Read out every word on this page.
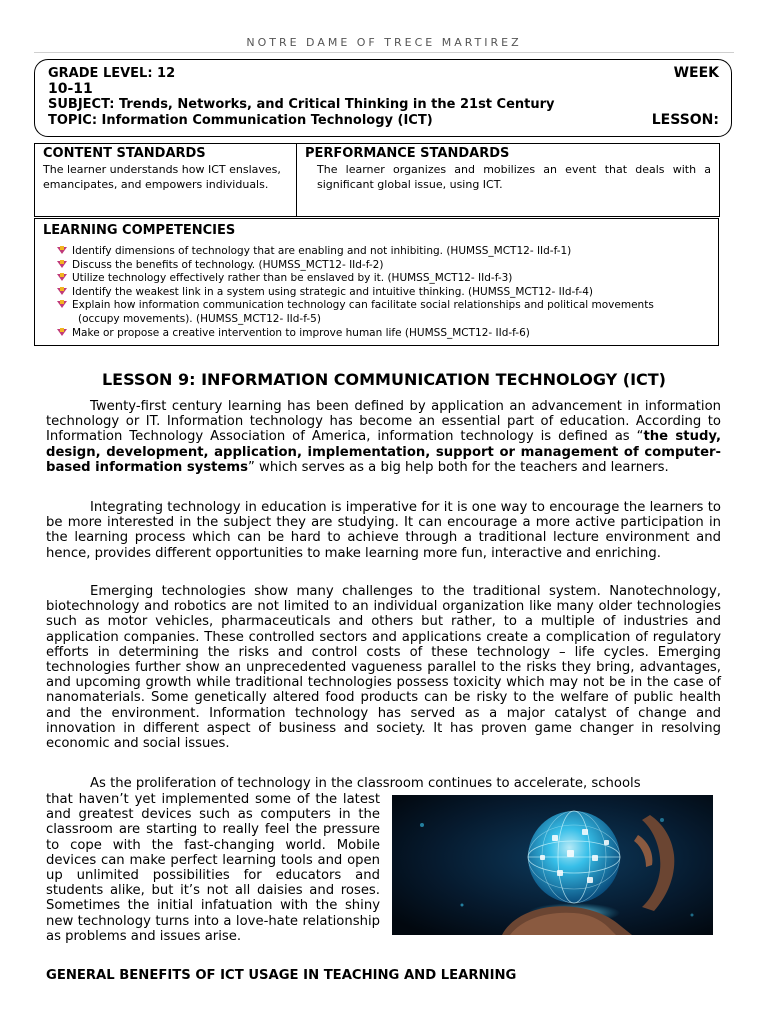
NOTRE DAME OF TRECE MARTIREZ
GRADE LEVEL: 12	WEEK
10-11
SUBJECT: Trends, Networks, and Critical Thinking in the 21st Century
TOPIC: Information Communication Technology (ICT)	LESSON:
CONTENT STANDARDS
The learner understands how ICT enslaves, emancipates, and empowers individuals.
PERFORMANCE STANDARDS
The learner organizes and mobilizes an event that deals with a significant global issue, using ICT.
LEARNING COMPETENCIES
Identify dimensions of technology that are enabling and not inhibiting. (HUMSS_MCT12- IId-f-1)
Discuss the benefits of technology. (HUMSS_MCT12- IId-f-2)
Utilize technology effectively rather than be enslaved by it. (HUMSS_MCT12- IId-f-3)
Identify the weakest link in a system using strategic and intuitive thinking. (HUMSS_MCT12- IId-f-4)
Explain how information communication technology can facilitate social relationships and political movements
(occupy movements). (HUMSS_MCT12- IId-f-5)
Make or propose a creative intervention to improve human life (HUMSS_MCT12- IId-f-6)
LESSON 9: INFORMATION COMMUNICATION TECHNOLOGY (ICT)

Twenty-first century learning has been defined by application an advancement in information technology or IT. Information technology has become an essential part of education. According to Information Technology Association of America, information technology is defined as “the study, design, development, application, implementation, support or management of computer-based information systems” which serves as a big help both for the teachers and learners.

Integrating technology in education is imperative for it is one way to encourage the learners to be more interested in the subject they are studying. It can encourage a more active participation in the learning process which can be hard to achieve through a traditional lecture environment and hence, provides different opportunities to make learning more fun, interactive and enriching.

Emerging technologies show many challenges to the traditional system. Nanotechnology, biotechnology and robotics are not limited to an individual organization like many older technologies such as motor vehicles, pharmaceuticals and others but rather, to a multiple of industries and application companies. These controlled sectors and applications create a complication of regulatory efforts in determining the risks and control costs of these technology – life cycles. Emerging technologies further show an unprecedented vagueness parallel to the risks they bring, advantages, and upcoming growth while traditional technologies possess toxicity which may not be in the case of nanomaterials. Some genetically altered food products can be risky to the welfare of public health and the environment. Information technology has served as a major catalyst of change and innovation in different aspect of business and society. It has proven game changer in resolving economic and social issues.

As the proliferation of technology in the classroom continues to accelerate, schools

that haven’t yet implemented some of the latest and greatest devices such as computers in the classroom are starting to really feel the pressure to cope with the fast-changing world. Mobile devices can make perfect learning tools and open up unlimited possibilities for educators and students alike, but it’s not all daisies and roses. Sometimes the initial infatuation with the shiny new technology turns into a love-hate relationship as problems and issues arise.

GENERAL BENEFITS OF ICT USAGE IN TEACHING AND LEARNING
